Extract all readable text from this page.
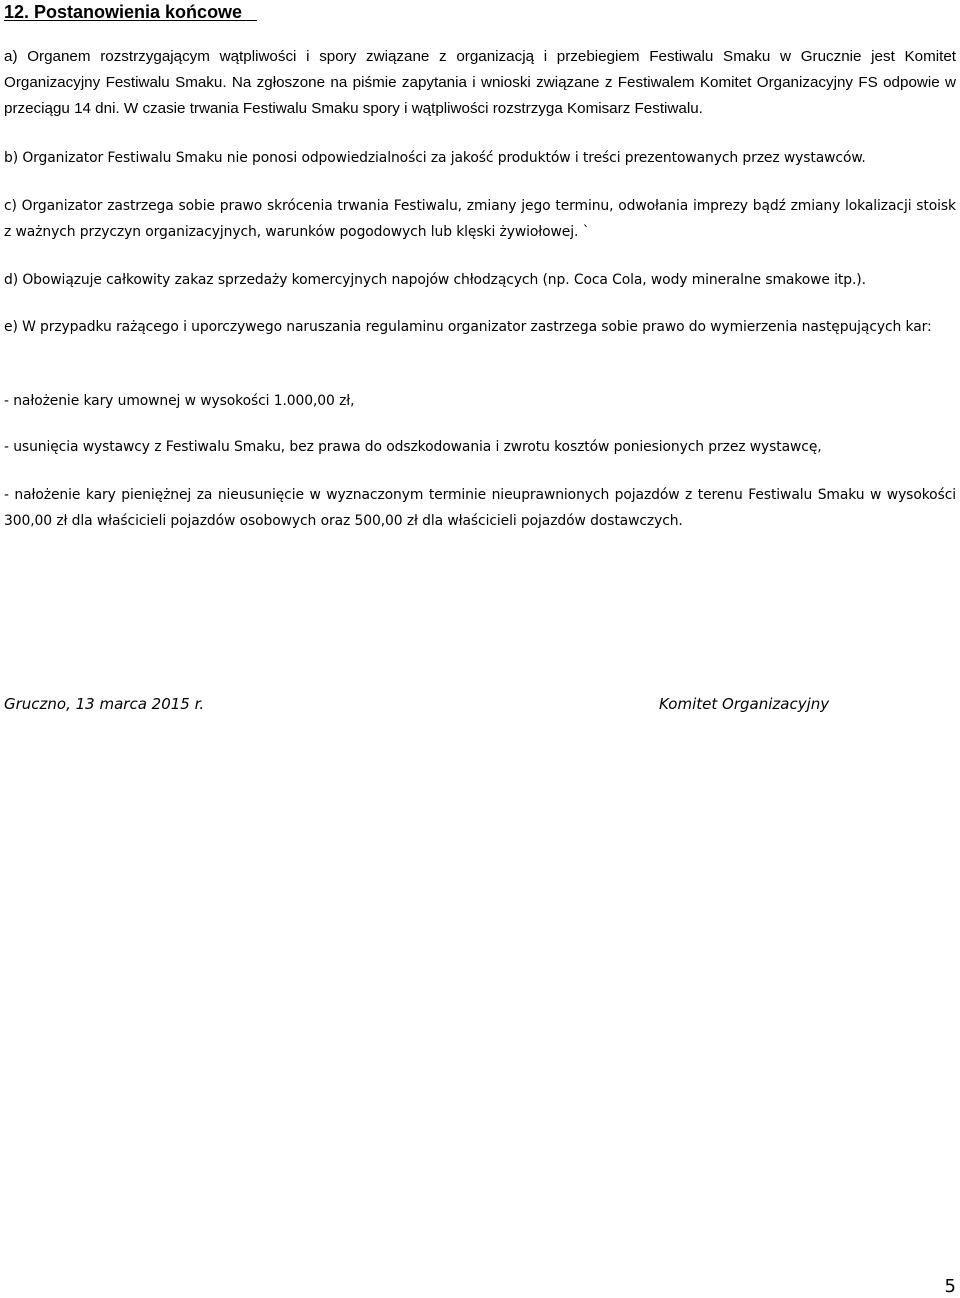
12. Postanowienia końcowe

a) Organem rozstrzygającym wątpliwości i spory związane z organizacją i przebiegiem Festiwalu Smaku w Grucznie jest Komitet Organizacyjny Festiwalu Smaku. Na zgłoszone na piśmie zapytania i wnioski związane z Festiwalem Komitet Organizacyjny FS odpowie w przeciągu 14 dni. W czasie trwania Festiwalu Smaku spory i wątpliwości rozstrzyga Komisarz Festiwalu.

b) Organizator Festiwalu Smaku nie ponosi odpowiedzialności za jakość produktów i treści prezentowanych przez wystawców.

c) Organizator zastrzega sobie prawo skrócenia trwania Festiwalu, zmiany jego terminu, odwołania imprezy bądź zmiany lokalizacji stoisk z ważnych przyczyn organizacyjnych, warunków pogodowych lub klęski żywiołowej. `

d) Obowiązuje całkowity zakaz sprzedaży komercyjnych napojów chłodzących (np. Coca Cola, wody mineralne smakowe itp.).

e) W przypadku rażącego i uporczywego naruszania regulaminu organizator zastrzega sobie prawo do wymierzenia następujących kar:

- nałożenie kary umownej w wysokości 1.000,00 zł,

- usunięcia wystawcy z Festiwalu Smaku, bez prawa do odszkodowania i zwrotu kosztów poniesionych przez wystawcę,

- nałożenie kary pieniężnej za nieusunięcie w wyznaczonym terminie nieuprawnionych pojazdów z terenu Festiwalu Smaku w wysokości 300,00 zł dla właścicieli pojazdów osobowych oraz 500,00 zł dla właścicieli pojazdów dostawczych.

Gruczno, 13 marca 2015 r.	Komitet Organizacyjny
5
